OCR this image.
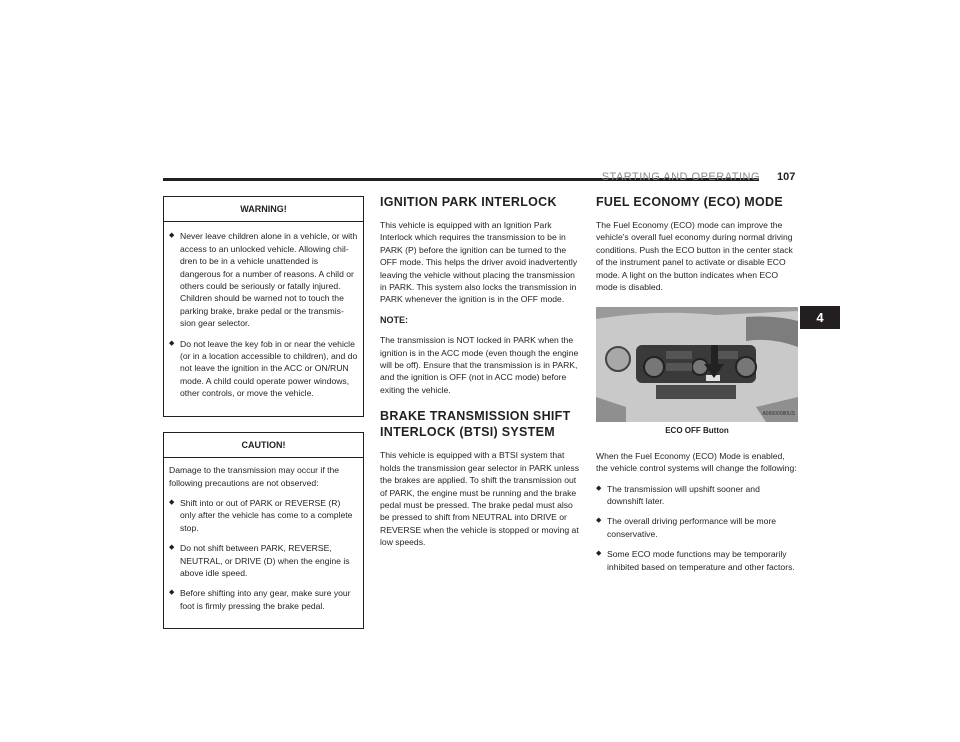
STARTING AND OPERATING 107
4
WARNING!
◆ Never leave children alone in a vehicle, or with access to an unlocked vehicle. Allowing chil-dren to be in a vehicle unattended is dangerous for a number of reasons. A child or others could be seriously or fatally injured. Children should be warned not to touch the parking brake, brake pedal or the transmis-sion gear selector.
◆ Do not leave the key fob in or near the vehicle (or in a location accessible to children), and do not leave the ignition in the ACC or ON/RUN mode. A child could operate power windows, other controls, or move the vehicle.
CAUTION!

Damage to the transmission may occur if the following precautions are not observed:

◆ Shift into or out of PARK or REVERSE (R) only after the vehicle has come to a complete stop.
◆ Do not shift between PARK, REVERSE, NEUTRAL, or DRIVE (D) when the engine is above idle speed.
◆ Before shifting into any gear, make sure your foot is firmly pressing the brake pedal.
IGNITION PARK INTERLOCK

This vehicle is equipped with an Ignition Park Interlock which requires the transmission to be in PARK (P) before the ignition can be turned to the OFF mode. This helps the driver avoid inadvertently leaving the vehicle without placing the transmission in PARK. This system also locks the transmission in PARK whenever the ignition is in the OFF mode.

NOTE:

The transmission is NOT locked in PARK when the ignition is in the ACC mode (even though the engine will be off). Ensure that the transmission is in PARK, and the ignition is OFF (not in ACC mode) before exiting the vehicle.

BRAKE TRANSMISSION SHIFT INTERLOCK (BTSI) SYSTEM

This vehicle is equipped with a BTSI system that holds the transmission gear selector in PARK unless the brakes are applied. To shift the transmission out of PARK, the engine must be running and the brake pedal must be pressed. The brake pedal must also be pressed to shift from NEUTRAL into DRIVE or REVERSE when the vehicle is stopped or moving at low speeds.

FUEL ECONOMY (ECO) MODE

The Fuel Economy (ECO) mode can improve the vehicle's overall fuel economy during normal driving conditions. Push the ECO button in the center stack of the instrument panel to activate or disable ECO mode. A light on the button indicates when ECO mode is disabled.

A06600080US
ECO OFF Button

When the Fuel Economy (ECO) Mode is enabled, the vehicle control systems will change the following:

◆ The transmission will upshift sooner and downshift later.
◆ The overall driving performance will be more conservative.
◆ Some ECO mode functions may be temporarily inhibited based on temperature and other factors.
